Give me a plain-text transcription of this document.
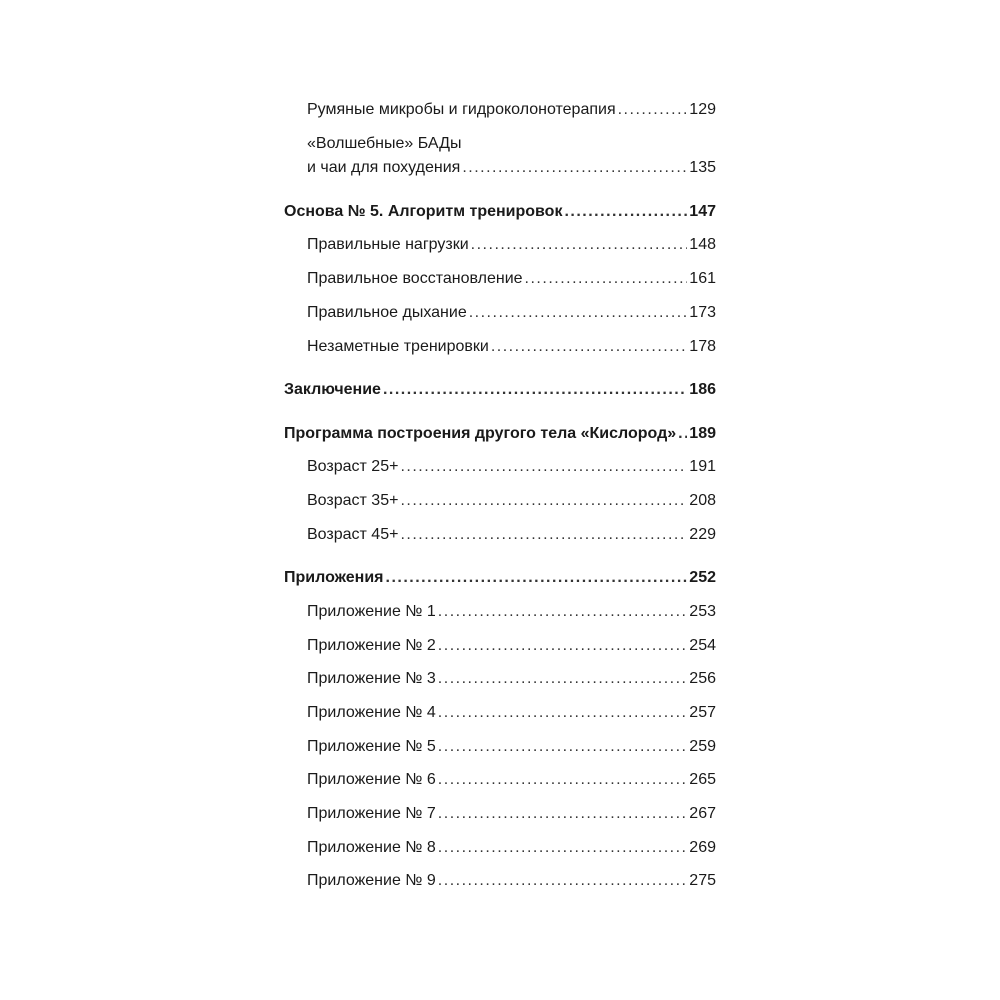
Румяные микробы и гидроколонотерапия .....	129
«Волшебные» БАДы
и чаи для похудения .....	135
Основа № 5. Алгоритм тренировок .....	147
Правильные нагрузки .....	148
Правильное восстановление .....	161
Правильное дыхание .....	173
Незаметные тренировки .....	178
Заключение .....	186
Программа построения другого тела «Кислород» ..... 189
Возраст 25+ .....	191
Возраст 35+ .....	208
Возраст 45+ .....	229
Приложения .....	252
Приложение № 1 .....	253
Приложение № 2 .....	254
Приложение № 3 .....	256
Приложение № 4 .....	257
Приложение № 5 .....	259
Приложение № 6 .....	265
Приложение № 7 .....	267
Приложение № 8 .....	269
Приложение № 9 .....	275
